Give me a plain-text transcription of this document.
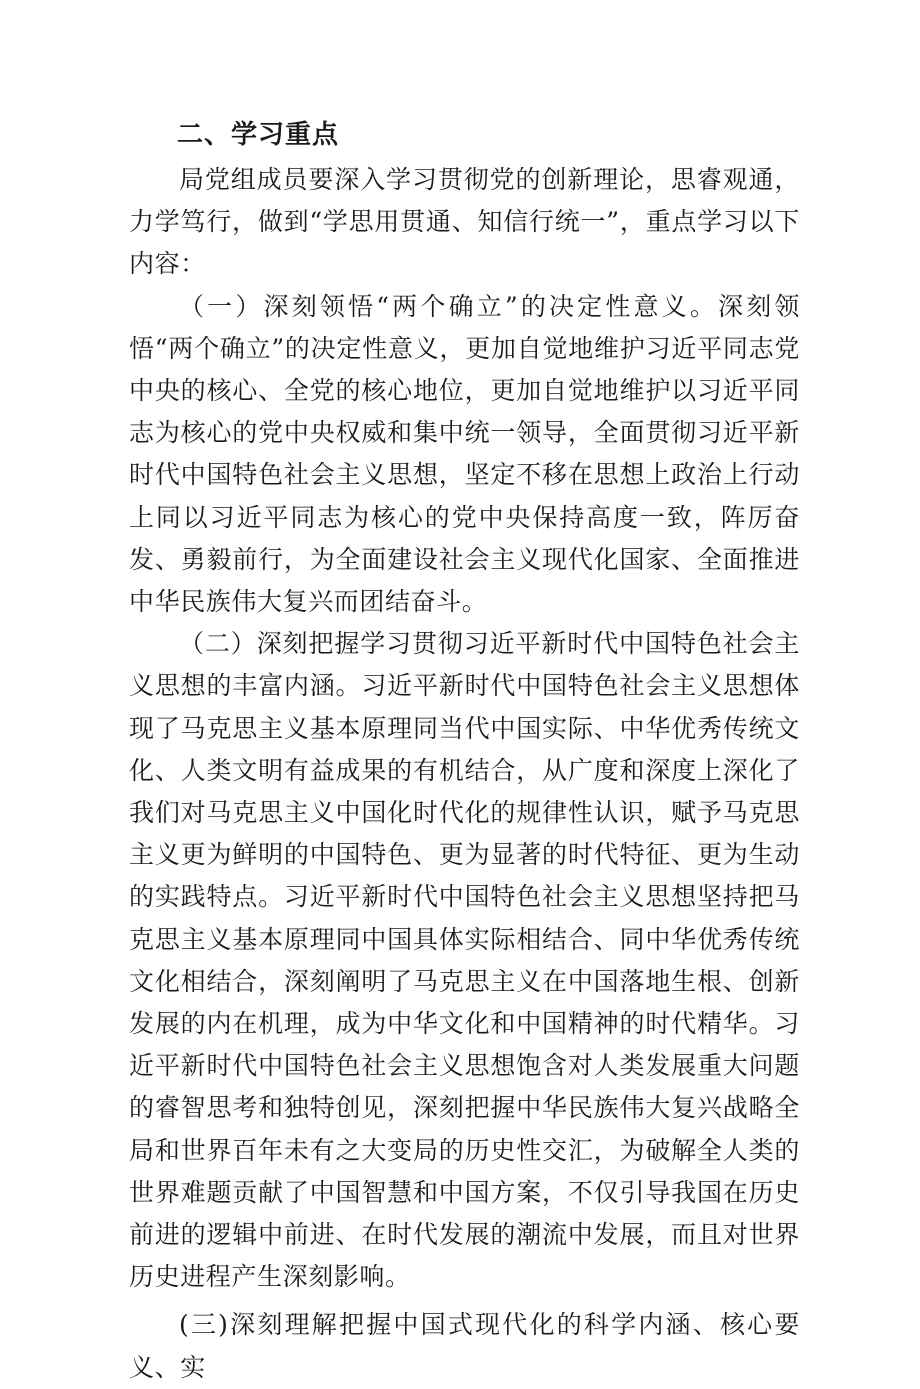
二、学习重点

局党组成员要深入学习贯彻党的创新理论，思睿观通，力学笃行，做到“学思用贯通、知信行统一”，重点学习以下内容：

（一）深刻领悟“两个确立”的决定性意义。深刻领悟“两个确立”的决定性意义，更加自觉地维护习近平同志党中央的核心、全党的核心地位，更加自觉地维护以习近平同志为核心的党中央权威和集中统一领导，全面贯彻习近平新时代中国特色社会主义思想，坚定不移在思想上政治上行动上同以习近平同志为核心的党中央保持高度一致，阵厉奋发、勇毅前行，为全面建设社会主义现代化国家、全面推进中华民族伟大复兴而团结奋斗。

（二）深刻把握学习贯彻习近平新时代中国特色社会主义思想的丰富内涵。习近平新时代中国特色社会主义思想体现了马克思主义基本原理同当代中国实际、中华优秀传统文化、人类文明有益成果的有机结合，从广度和深度上深化了我们对马克思主义中国化时代化的规律性认识，赋予马克思主义更为鲜明的中国特色、更为显著的时代特征、更为生动的实践特点。习近平新时代中国特色社会主义思想坚持把马克思主义基本原理同中国具体实际相结合、同中华优秀传统文化相结合，深刻阐明了马克思主义在中国落地生根、创新发展的内在机理，成为中华文化和中国精神的时代精华。习近平新时代中国特色社会主义思想饱含对人类发展重大问题的睿智思考和独特创见，深刻把握中华民族伟大复兴战略全局和世界百年未有之大变局的历史性交汇，为破解全人类的世界难题贡献了中国智慧和中国方案，不仅引导我国在历史前进的逻辑中前进、在时代发展的潮流中发展，而且对世界历史进程产生深刻影响。

(三)深刻理解把握中国式现代化的科学内涵、核心要义、实
